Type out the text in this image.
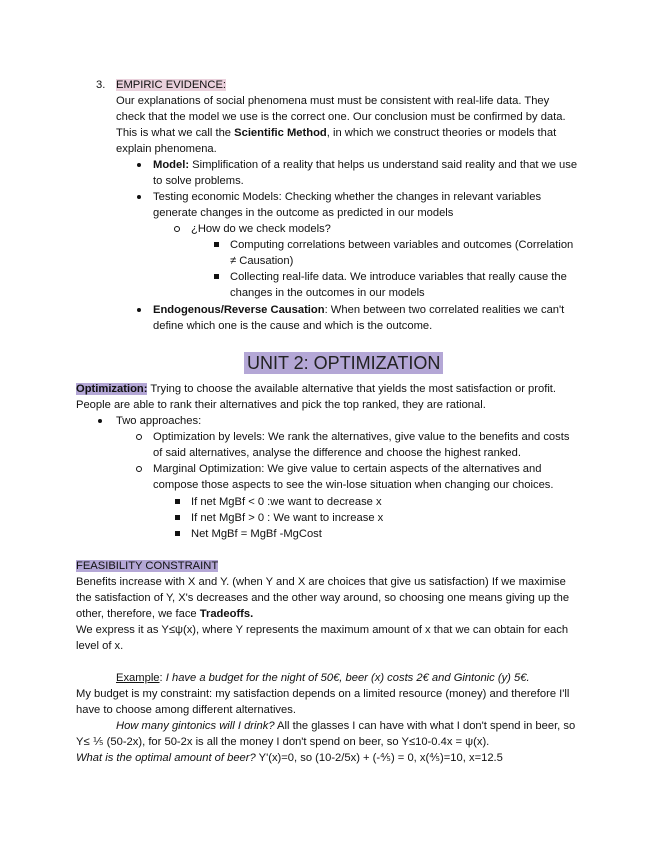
3. EMPIRIC EVIDENCE:
Our explanations of social phenomena must must be consistent with real-life data. They
check that the model we use is the correct one. Our conclusion must be confirmed by data.
This is what we call the Scientific Method, in which we construct theories or models that
explain phenomena.
Model: Simplification of a reality that helps us understand said reality and that we use
to solve problems.
Testing economic Models: Checking whether the changes in relevant variables
generate changes in the outcome as predicted in our models
¿How do we check models?
Computing correlations between variables and outcomes (Correlation
≠ Causation)
Collecting real-life data. We introduce variables that really cause the
changes in the outcomes in our models
Endogenous/Reverse Causation: When between two correlated realities we can't
define which one is the cause and which is the outcome.
UNIT 2: OPTIMIZATION
Optimization: Trying to choose the available alternative that yields the most satisfaction or profit.
People are able to rank their alternatives and pick the top ranked, they are rational.
Two approaches:
Optimization by levels: We rank the alternatives, give value to the benefits and costs
of said alternatives, analyse the difference and choose the highest ranked.
Marginal Optimization: We give value to certain aspects of the alternatives and
compose those aspects to see the win-lose situation when changing our choices.
If net MgBf < 0 :we want to decrease x
If net MgBf > 0 : We want to increase x
Net MgBf = MgBf -MgCost
FEASIBILITY CONSTRAINT
Benefits increase with X and Y. (when Y and X are choices that give us satisfaction) If we maximise
the satisfaction of Y, X's decreases and the other way around, so choosing one means giving up the
other, therefore, we face Tradeoffs.
We express it as Y≤ψ(x), where Y represents the maximum amount of x that we can obtain for each
level of x.
Example: I have a budget for the night of 50€, beer (x) costs 2€ and Gintonic (y) 5€.
My budget is my constraint: my satisfaction depends on a limited resource (money) and therefore I'll
have to choose among different alternatives.
How many gintonics will I drink? All the glasses I can have with what I don't spend in beer, so
Y≤ ⅕ (50-2x), for 50-2x is all the money I don't spend on beer, so Y≤10-0.4x = ψ(x).
What is the optimal amount of beer? Y'(x)=0, so (10-2/5x) + (-⅘) = 0, x(⅘)=10, x=12.5
